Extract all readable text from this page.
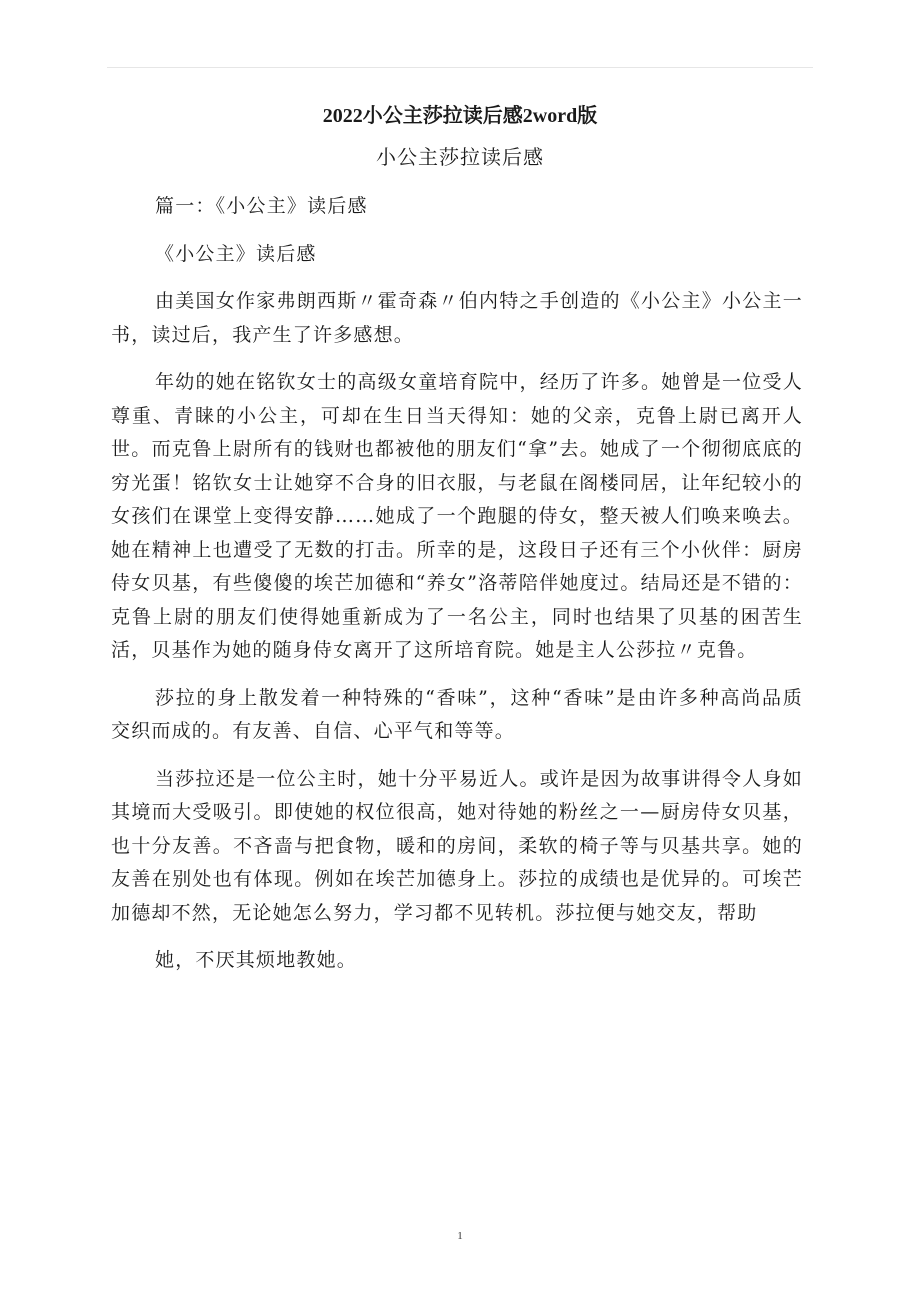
2022小公主莎拉读后感2word版
小公主莎拉读后感

篇一：《小公主》读后感

《小公主》读后感

由美国女作家弗朗西斯〃霍奇森〃伯内特之手创造的《小公主》小公主一书，读过后，我产生了许多感想。

年幼的她在铭钦女士的高级女童培育院中，经历了许多。她曾是一位受人尊重、青睐的小公主，可却在生日当天得知：她的父亲，克鲁上尉已离开人世。而克鲁上尉所有的钱财也都被他的朋友们“拿”去。她成了一个彻彻底底的穷光蛋！铭钦女士让她穿不合身的旧衣服，与老鼠在阁楼同居，让年纪较小的女孩们在课堂上变得安静……她成了一个跑腿的侍女，整天被人们唤来唤去。她在精神上也遭受了无数的打击。所幸的是，这段日子还有三个小伙伴：厨房侍女贝基，有些傻傻的埃芒加德和“养女”洛蒂陪伴她度过。结局还是不错的：克鲁上尉的朋友们使得她重新成为了一名公主，同时也结果了贝基的困苦生活，贝基作为她的随身侍女离开了这所培育院。她是主人公莎拉〃克鲁。

莎拉的身上散发着一种特殊的“香味”，这种“香味”是由许多种高尚品质交织而成的。有友善、自信、心平气和等等。

当莎拉还是一位公主时，她十分平易近人。或许是因为故事讲得令人身如其境而大受吸引。即使她的权位很高，她对待她的粉丝之一—厨房侍女贝基，也十分友善。不吝啬与把食物，暖和的房间，柔软的椅子等与贝基共享。她的友善在别处也有体现。例如在埃芒加德身上。莎拉的成绩也是优异的。可埃芒加德却不然，无论她怎么努力，学习都不见转机。莎拉便与她交友，帮助

她，不厌其烦地教她。

1
